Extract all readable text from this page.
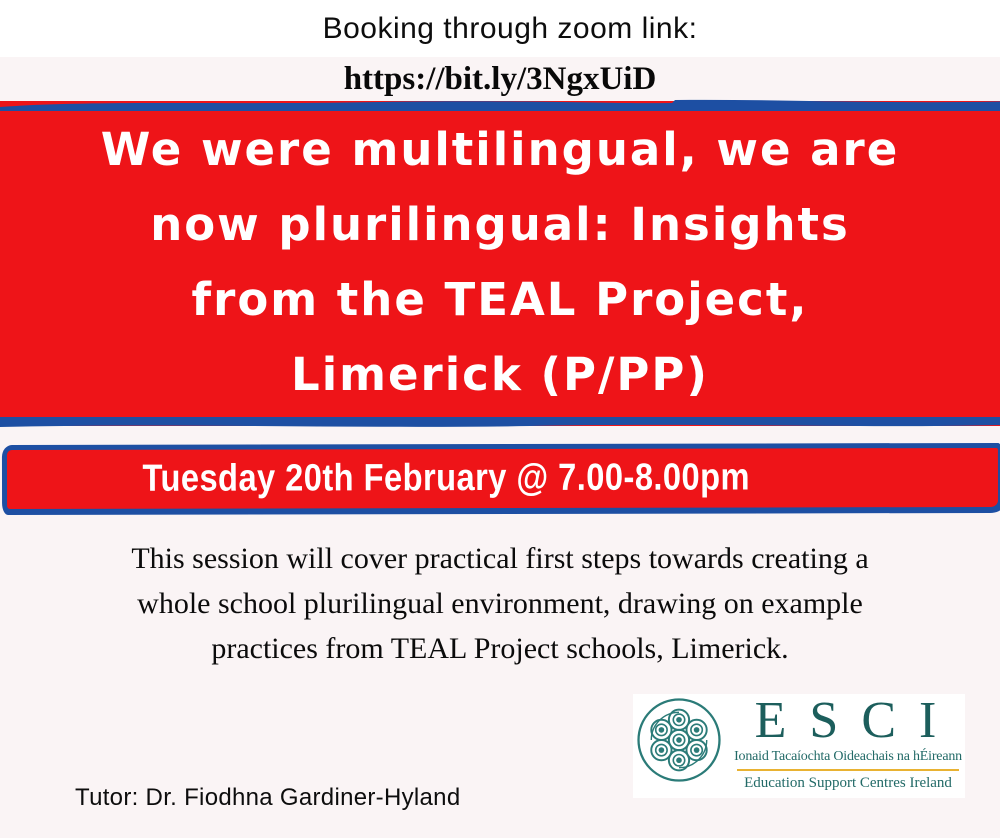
Booking through zoom link:
https://bit.ly/3NgxUiD
We were multilingual, we are
now plurilingual: Insights
from the TEAL Project,
Limerick (P/PP)
Tuesday 20th February @ 7.00-8.00pm
This session will cover practical first steps towards creating a
whole school plurilingual environment, drawing on example
practices from TEAL Project schools, Limerick.
E S C I
Ionaid Tacaíochta Oideachais na hÉireann
Education Support Centres Ireland
Tutor: Dr. Fiodhna Gardiner-Hyland
